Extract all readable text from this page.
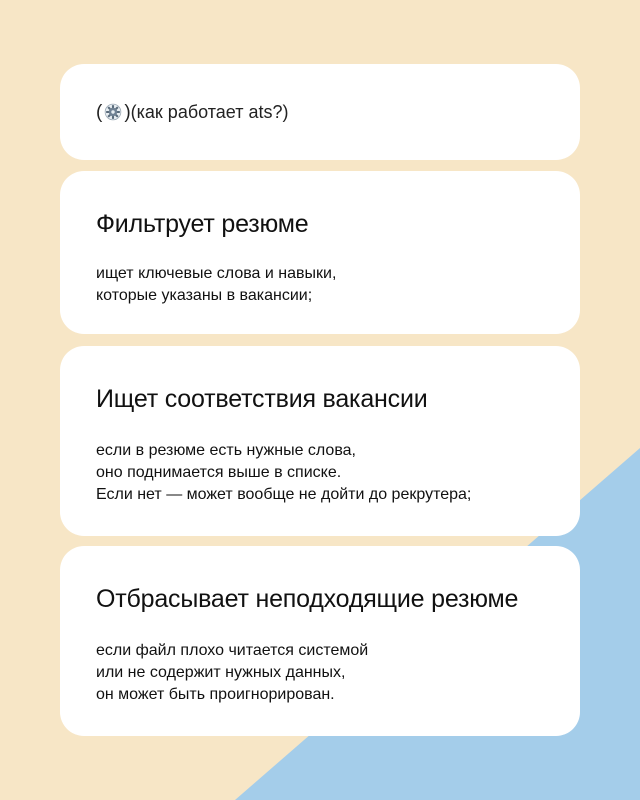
( ) (как работает ats?)
Фильтрует резюме

ищет ключевые слова и навыки,
которые указаны в вакансии;

Ищет соответствия вакансии

если в резюме есть нужные слова,
оно поднимается выше в списке.
Если нет — может вообще не дойти до рекрутера;

Отбрасывает неподходящие резюме

если файл плохо читается системой
или не содержит нужных данных,
он может быть проигнорирован.
